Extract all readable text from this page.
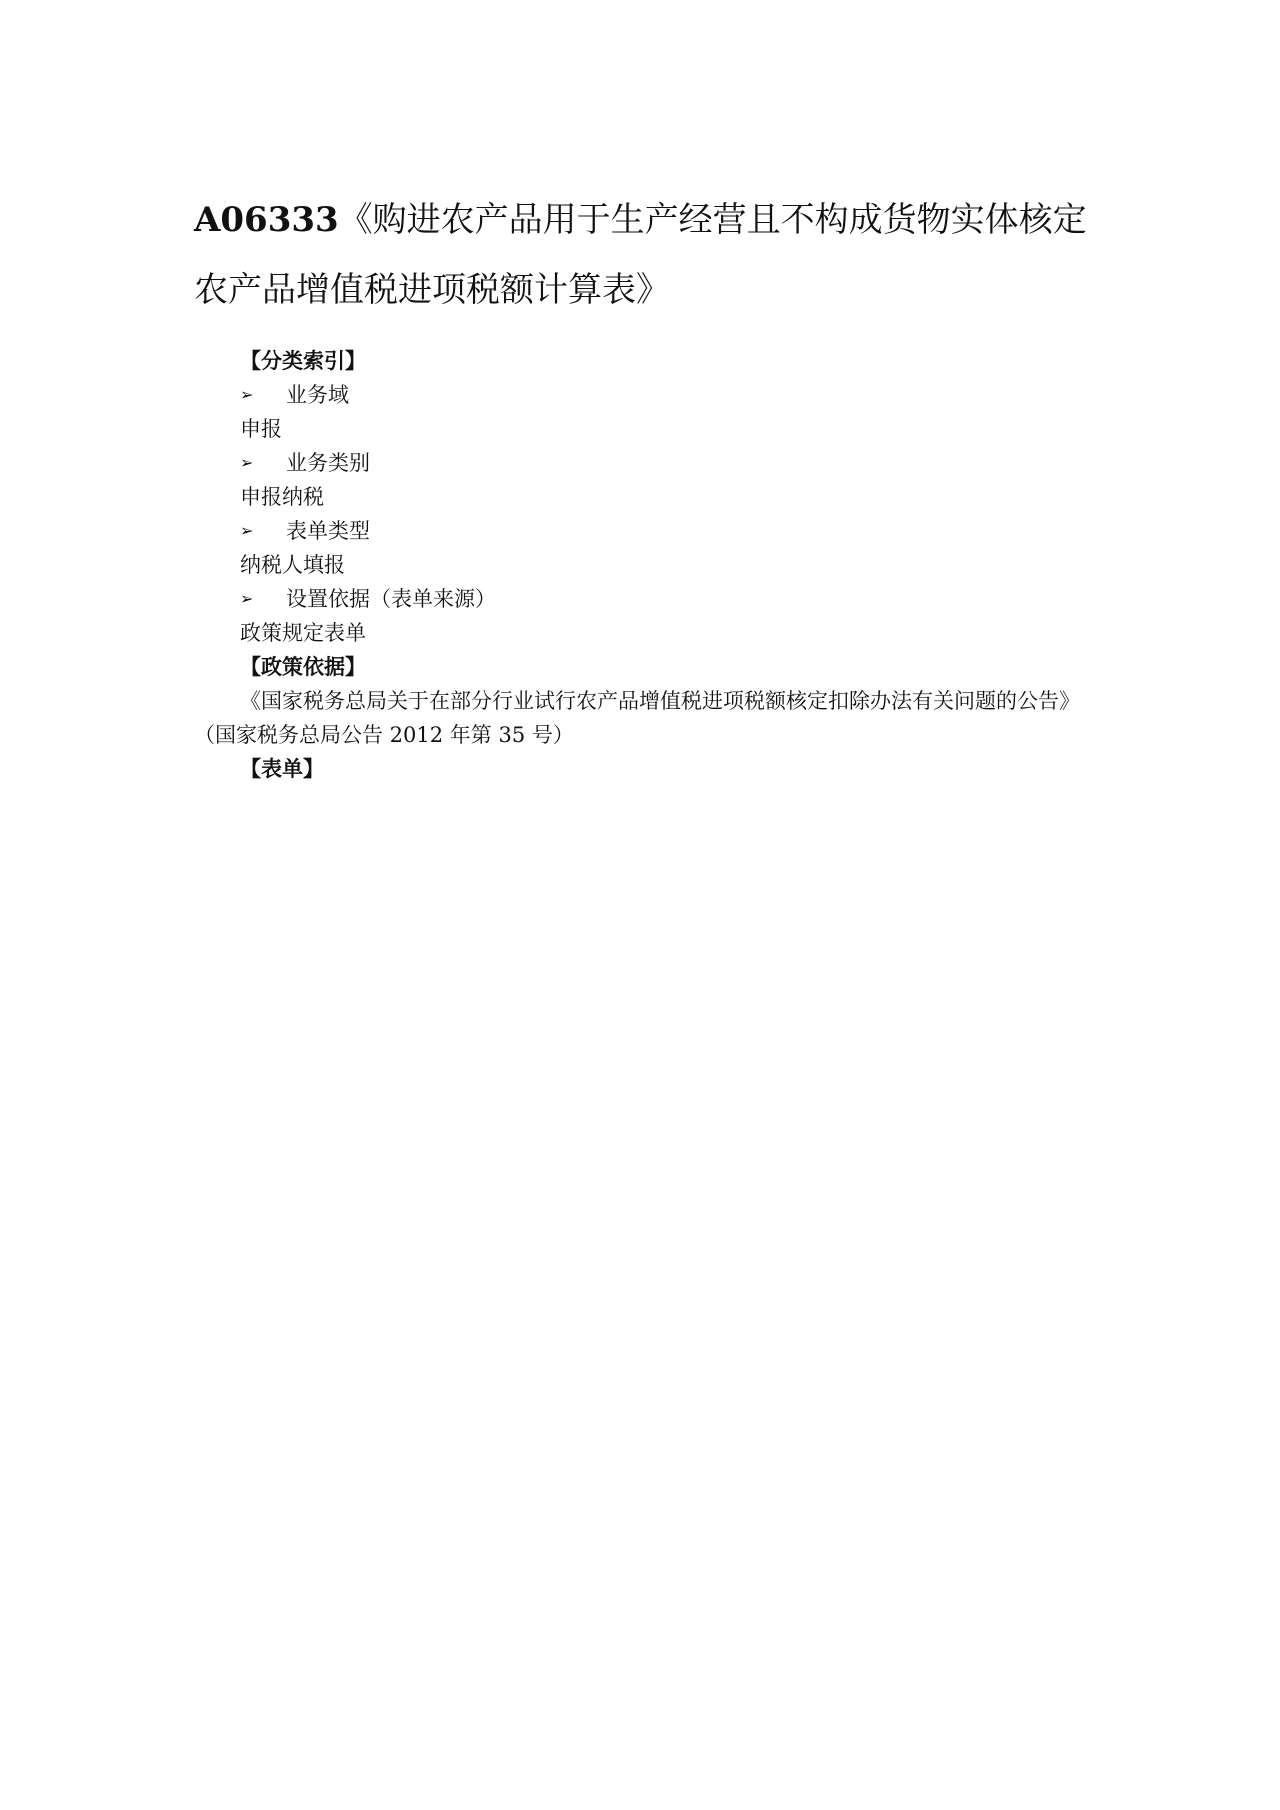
A06333《购进农产品用于生产经营且不构成货物实体核定
农产品增值税进项税额计算表》
【分类索引】
➢	业务域
申报
➢	业务类别
申报纳税
➢	表单类型
纳税人填报
➢	设置依据（表单来源）
政策规定表单
【政策依据】
《国家税务总局关于在部分行业试行农产品增值税进项税额核定扣除办法有关问题的公告》（国家税务总局公告 2012 年第 35 号）
【表单】
